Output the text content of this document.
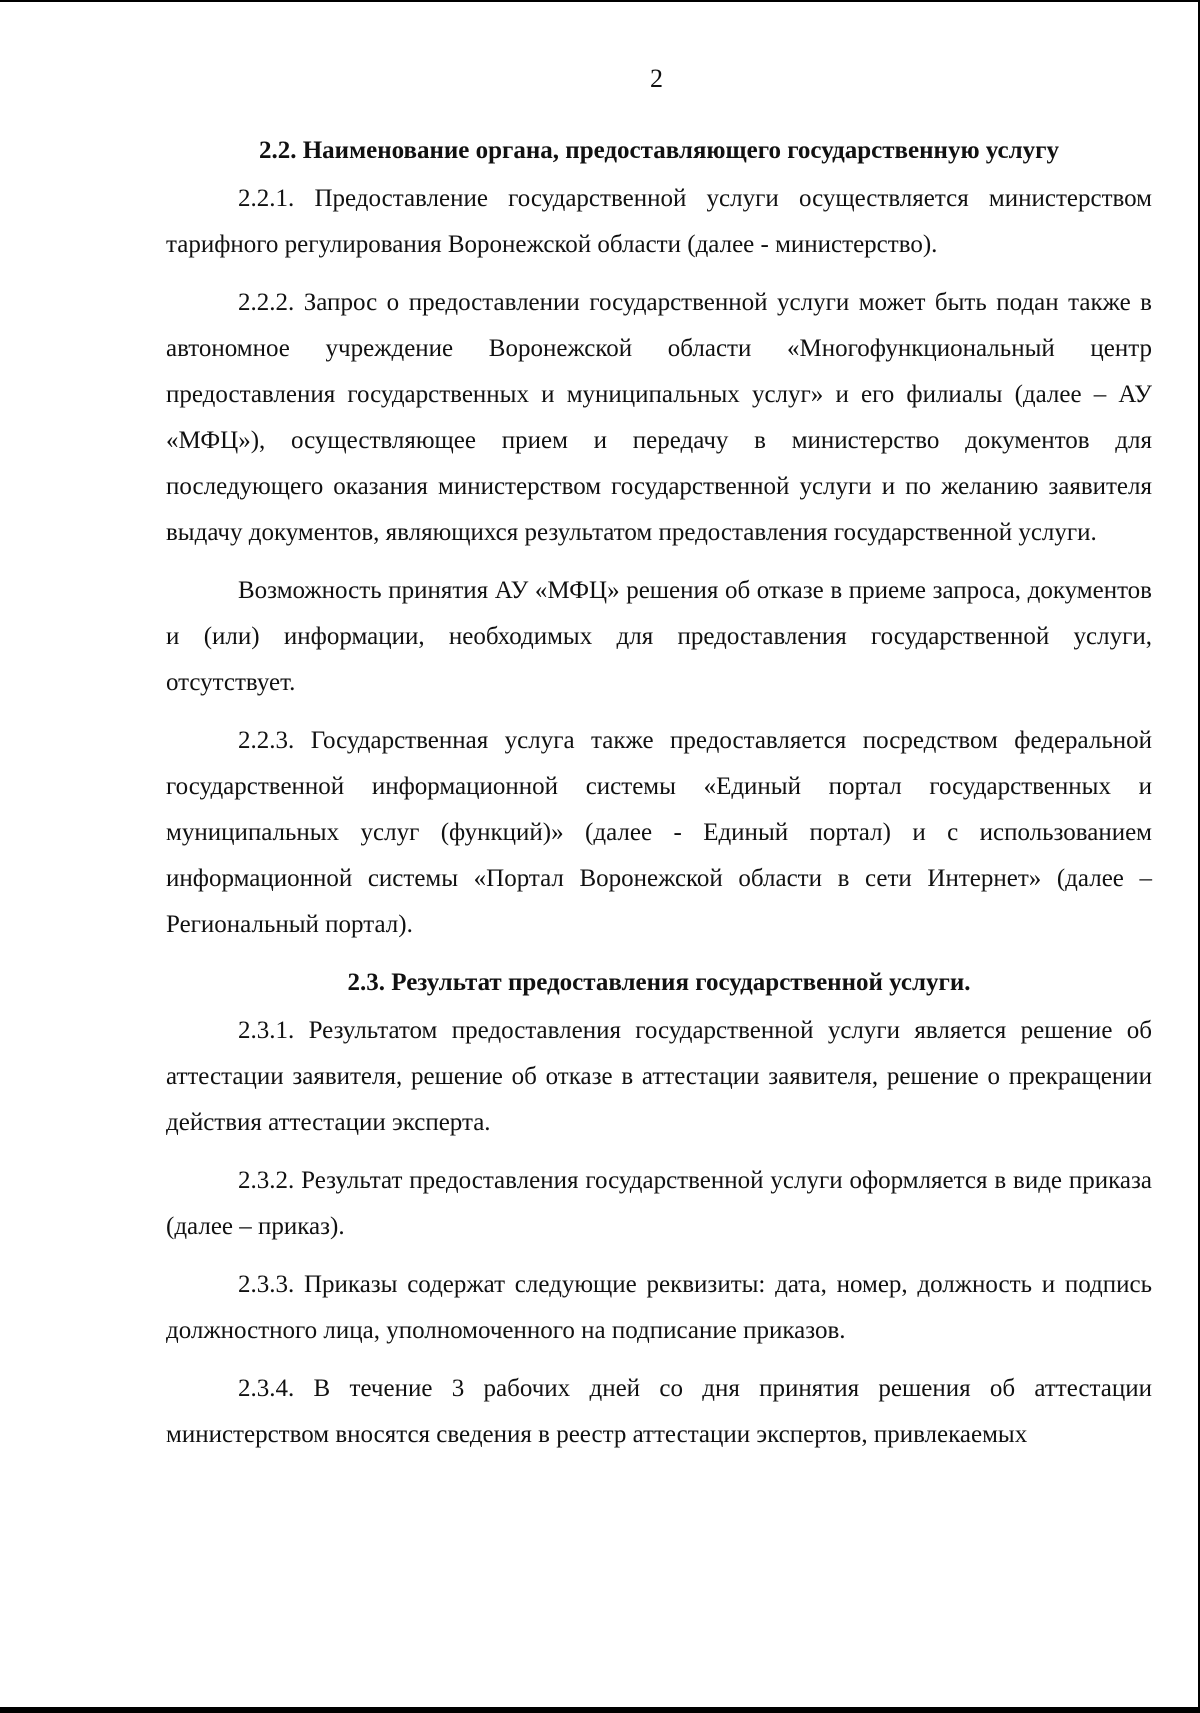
2

2.2. Наименование органа, предоставляющего государственную услугу

2.2.1. Предоставление государственной услуги осуществляется министерством тарифного регулирования Воронежской области (далее - министерство).

2.2.2. Запрос о предоставлении государственной услуги может быть подан также в автономное учреждение Воронежской области «Многофункциональный центр предоставления государственных и муниципальных услуг» и его филиалы (далее – АУ «МФЦ»), осуществляющее прием и передачу в министерство документов для последующего оказания министерством государственной услуги и по желанию заявителя выдачу документов, являющихся результатом предоставления государственной услуги.

Возможность принятия АУ «МФЦ» решения об отказе в приеме запроса, документов и (или) информации, необходимых для предоставления государственной услуги, отсутствует.

2.2.3. Государственная услуга также предоставляется посредством федеральной государственной информационной системы «Единый портал государственных и муниципальных услуг (функций)» (далее - Единый портал) и с использованием информационной системы «Портал Воронежской области в сети Интернет» (далее – Региональный портал).

2.3. Результат предоставления государственной услуги.

2.3.1. Результатом предоставления государственной услуги является решение об аттестации заявителя, решение об отказе в аттестации заявителя, решение о прекращении действия аттестации эксперта.

2.3.2. Результат предоставления государственной услуги оформляется в виде приказа (далее – приказ).

2.3.3. Приказы содержат следующие реквизиты: дата, номер, должность и подпись должностного лица, уполномоченного на подписание приказов.

2.3.4. В течение 3 рабочих дней со дня принятия решения об аттестации министерством вносятся сведения в реестр аттестации экспертов, привлекаемых
